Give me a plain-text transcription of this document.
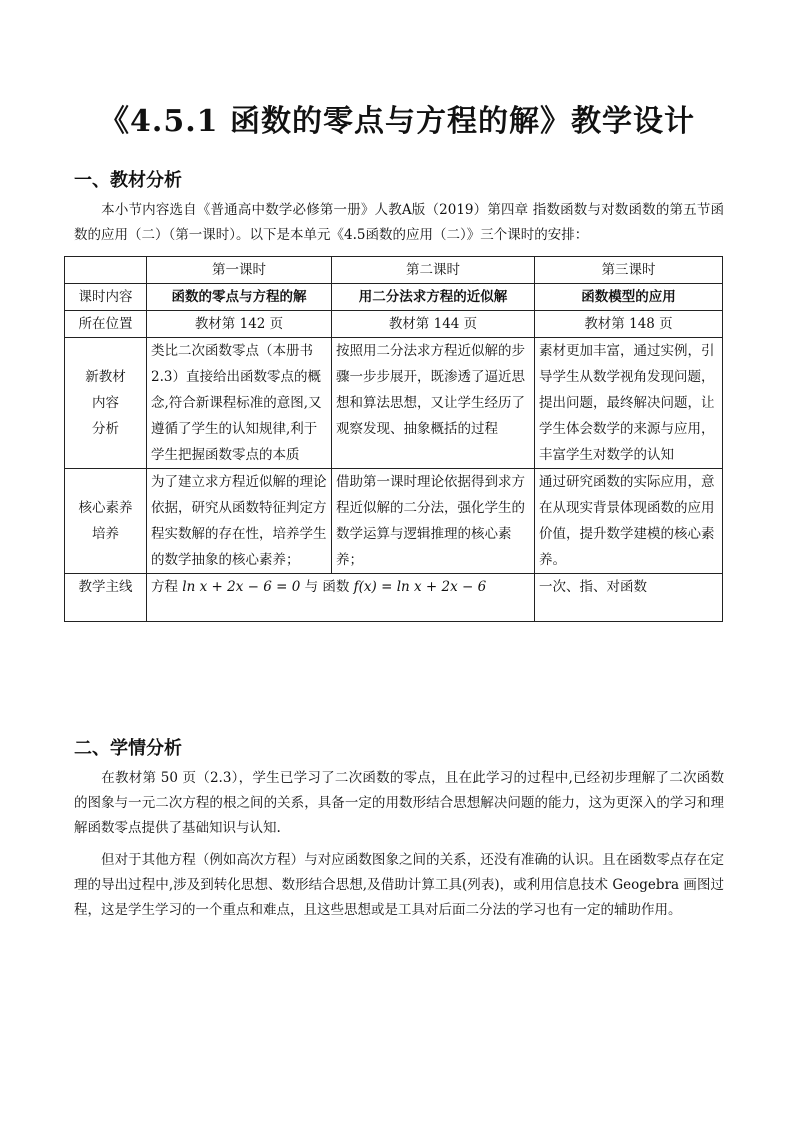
《4.5.1 函数的零点与方程的解》教学设计
一、教材分析
本小节内容选自《普通高中数学必修第一册》人教A版（2019）第四章 指数函数与对数函数的第五节函数的应用（二）（第一课时）。以下是本单元《4.5函数的应用（二）》三个课时的安排：
	第一课时	第二课时	第三课时
课时内容	函数的零点与方程的解	用二分法求方程的近似解	函数模型的应用
所在位置	教材第 142 页	教材第 144 页	教材第 148 页

新教材
内容
分析	类比二次函数零点（本册书2.3）直接给出函数零点的概念,符合新课程标准的意图,又遵循了学生的认知规律,利于学生把握函数零点的本质	按照用二分法求方程近似解的步骤一步步展开，既渗透了逼近思想和算法思想，又让学生经历了观察发现、抽象概括的过程	素材更加丰富，通过实例，引导学生从数学视角发现问题，提出问题，最终解决问题，让学生体会数学的来源与应用，丰富学生对数学的认知

核心素养
培养	为了建立求方程近似解的理论依据，研究从函数特征判定方程实数解的存在性，培养学生的数学抽象的核心素养；	借助第一课时理论依据得到求方程近似解的二分法，强化学生的数学运算与逻辑推理的核心素养；	通过研究函数的实际应用，意在从现实背景体现函数的应用价值，提升数学建模的核心素养。
教学主线	方程 ln x + 2x − 6 = 0 与 函数 f(x) = ln x + 2x − 6		一次、指、对函数
二、学情分析
在教材第 50 页（2.3），学生已学习了二次函数的零点，且在此学习的过程中,已经初步理解了二次函数的图象与一元二次方程的根之间的关系，具备一定的用数形结合思想解决问题的能力，这为更深入的学习和理解函数零点提供了基础知识与认知.
但对于其他方程（例如高次方程）与对应函数图象之间的关系，还没有准确的认识。且在函数零点存在定理的导出过程中,涉及到转化思想、数形结合思想,及借助计算工具(列表)，或利用信息技术 Geogebra 画图过程，这是学生学习的一个重点和难点，且这些思想或是工具对后面二分法的学习也有一定的辅助作用。
